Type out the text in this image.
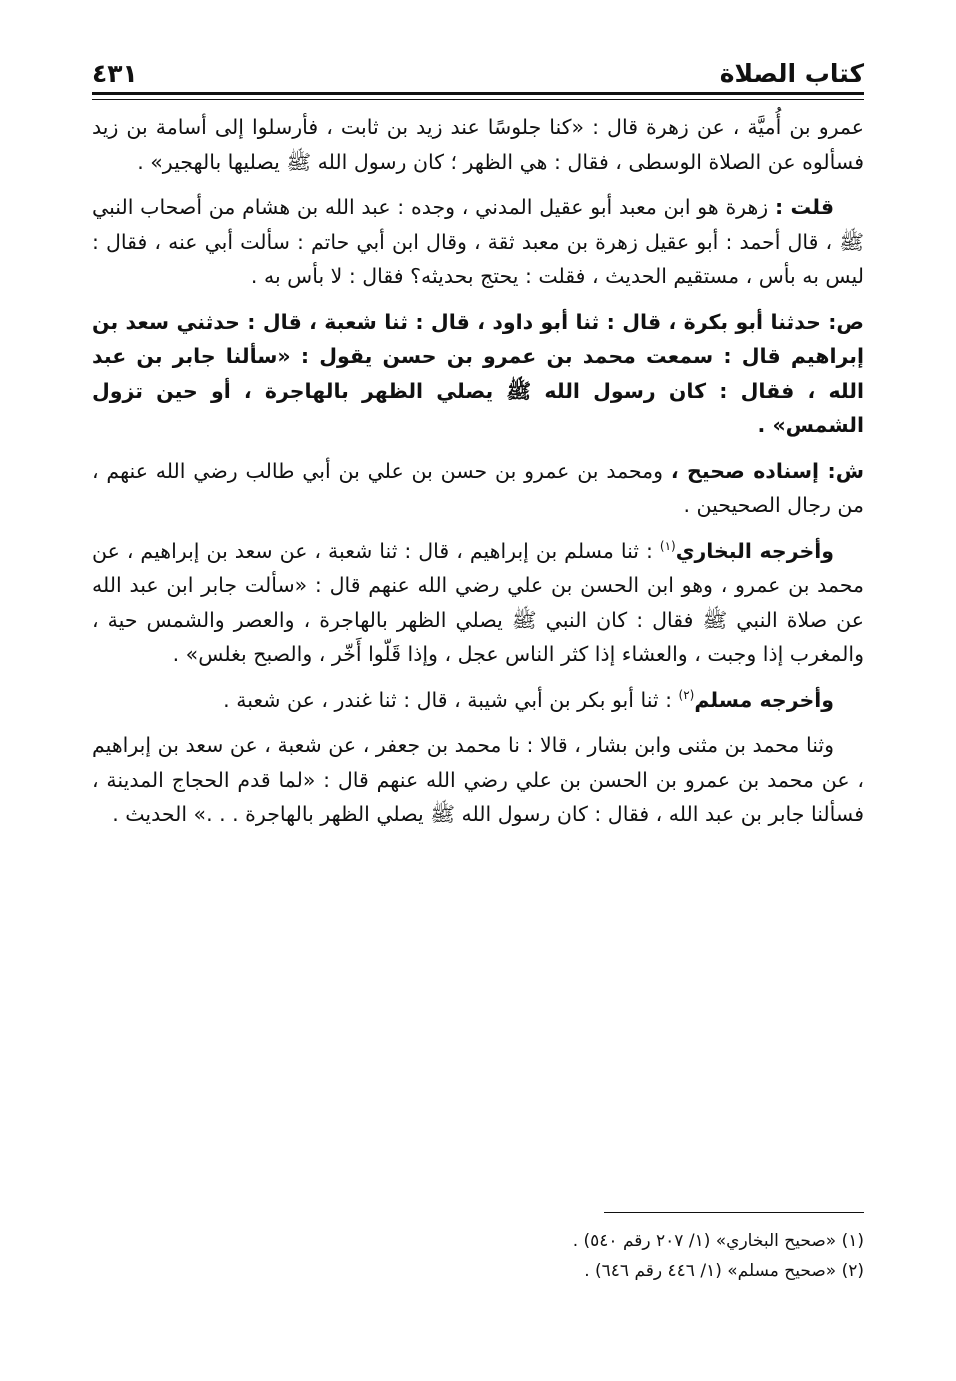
كتاب الصلاة
٤٣١

عمرو بن أُميَّة ، عن زهرة قال : «كنا جلوسًا عند زيد بن ثابت ، فأرسلوا إلى أسامة بن زيد فسألوه عن الصلاة الوسطى ، فقال : هي الظهر ؛ كان رسول الله ﷺ يصليها بالهجير» .

قلت : زهرة هو ابن معبد أبو عقيل المدني ، وجده : عبد الله بن هشام من أصحاب النبي ﷺ ، قال أحمد : أبو عقيل زهرة بن معبد ثقة ، وقال ابن أبي حاتم : سألت أبي عنه ، فقال : ليس به بأس ، مستقيم الحديث ، فقلت : يحتج بحديثه؟ فقال : لا بأس به .

ص: حدثنا أبو بكرة ، قال : ثنا أبو داود ، قال : ثنا شعبة ، قال : حدثني سعد بن إبراهيم قال : سمعت محمد بن عمرو بن حسن يقول : «سألنا جابر بن عبد الله ، فقال : كان رسول الله ﷺ يصلي الظهر بالهاجرة ، أو حين تزول الشمس» .

ش: إسناده صحيح ، ومحمد بن عمرو بن حسن بن علي بن أبي طالب رضي الله عنهم ، من رجال الصحيحين .

وأخرجه البخاري$^{(١)}$ : ثنا مسلم بن إبراهيم ، قال : ثنا شعبة ، عن سعد بن إبراهيم ، عن محمد بن عمرو ، وهو ابن الحسن بن علي رضي الله عنهم قال : «سألت جابر ابن عبد الله عن صلاة النبي ﷺ فقال : كان النبي ﷺ يصلي الظهر بالهاجرة ، والعصر والشمس حية ، والمغرب إذا وجبت ، والعشاء إذا كثر الناس عجل ، وإذا قَلّوا أَخّر ، والصبح بغلس» .

وأخرجه مسلم$^{(٢)}$ : ثنا أبو بكر بن أبي شيبة ، قال : ثنا غندر ، عن شعبة .

وثنا محمد بن مثنى وابن بشار ، قالا : نا محمد بن جعفر ، عن شعبة ، عن سعد بن إبراهيم ، عن محمد بن عمرو بن الحسن بن علي رضي الله عنهم قال : «لما قدم الحجاج المدينة ، فسألنا جابر بن عبد الله ، فقال : كان رسول الله ﷺ يصلي الظهر بالهاجرة . . .» الحديث .

(١) «صحيح البخاري» (١/ ٢٠٧ رقم ٥٤٠) .
(٢) «صحيح مسلم» (١/ ٤٤٦ رقم ٦٤٦) .
